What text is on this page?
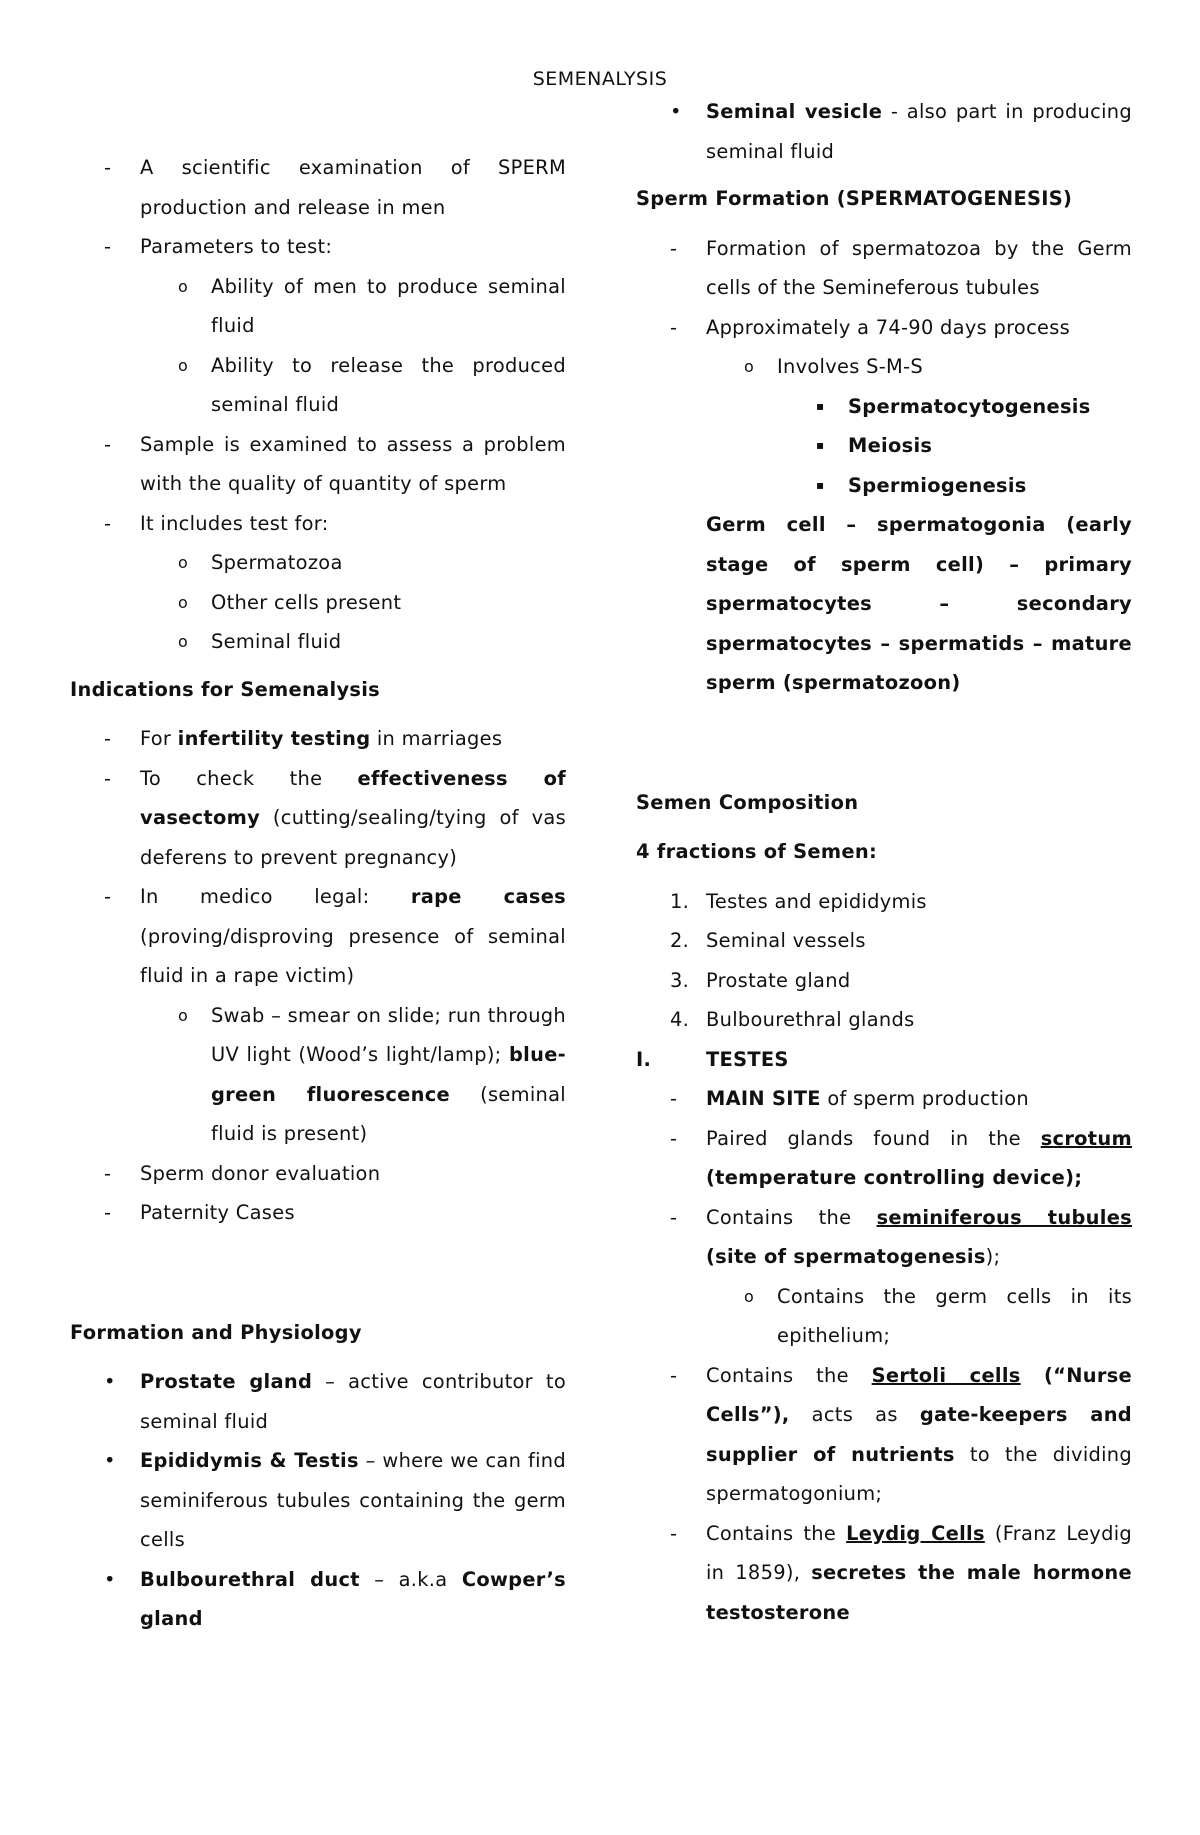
SEMENALYSIS
- A scientific examination of SPERM production and release in men
- Parameters to test:
o Ability of men to produce seminal fluid
o Ability to release the produced seminal fluid
- Sample is examined to assess a problem with the quality of quantity of sperm
- It includes test for:
o Spermatozoa
o Other cells present
o Seminal fluid
Indications for Semenalysis
- For infertility testing in marriages
- To check the effectiveness of vasectomy (cutting/sealing/tying of vas deferens to prevent pregnancy)
- In medico legal: rape cases (proving/disproving presence of seminal fluid in a rape victim)
o Swab – smear on slide; run through UV light (Wood’s light/lamp); blue-green fluorescence (seminal fluid is present)
- Sperm donor evaluation
- Paternity Cases
Formation and Physiology
• Prostate gland – active contributor to seminal fluid
• Epididymis & Testis – where we can find seminiferous tubules containing the germ cells
• Bulbourethral duct – a.k.a Cowper’s gland
• Seminal vesicle - also part in producing seminal fluid
Sperm Formation (SPERMATOGENESIS)
- Formation of spermatozoa by the Germ cells of the Semineferous tubules
- Approximately a 74-90 days process
o Involves S-M-S
▪ Spermatocytogenesis
▪ Meiosis
▪ Spermiogenesis
Germ cell – spermatogonia (early stage of sperm cell) – primary spermatocytes – secondary spermatocytes – spermatids – mature sperm (spermatozoon)
Semen Composition
4 fractions of Semen:
1. Testes and epididymis
2. Seminal vessels
3. Prostate gland
4. Bulbourethral glands
I.	TESTES
- MAIN SITE of sperm production
- Paired glands found in the scrotum (temperature controlling device);
- Contains the seminiferous tubules (site of spermatogenesis);
o Contains the germ cells in its epithelium;
- Contains the Sertoli cells (“Nurse Cells”), acts as gate-keepers and supplier of nutrients to the dividing spermatogonium;
- Contains the Leydig Cells (Franz Leydig in 1859), secretes the male hormone testosterone
